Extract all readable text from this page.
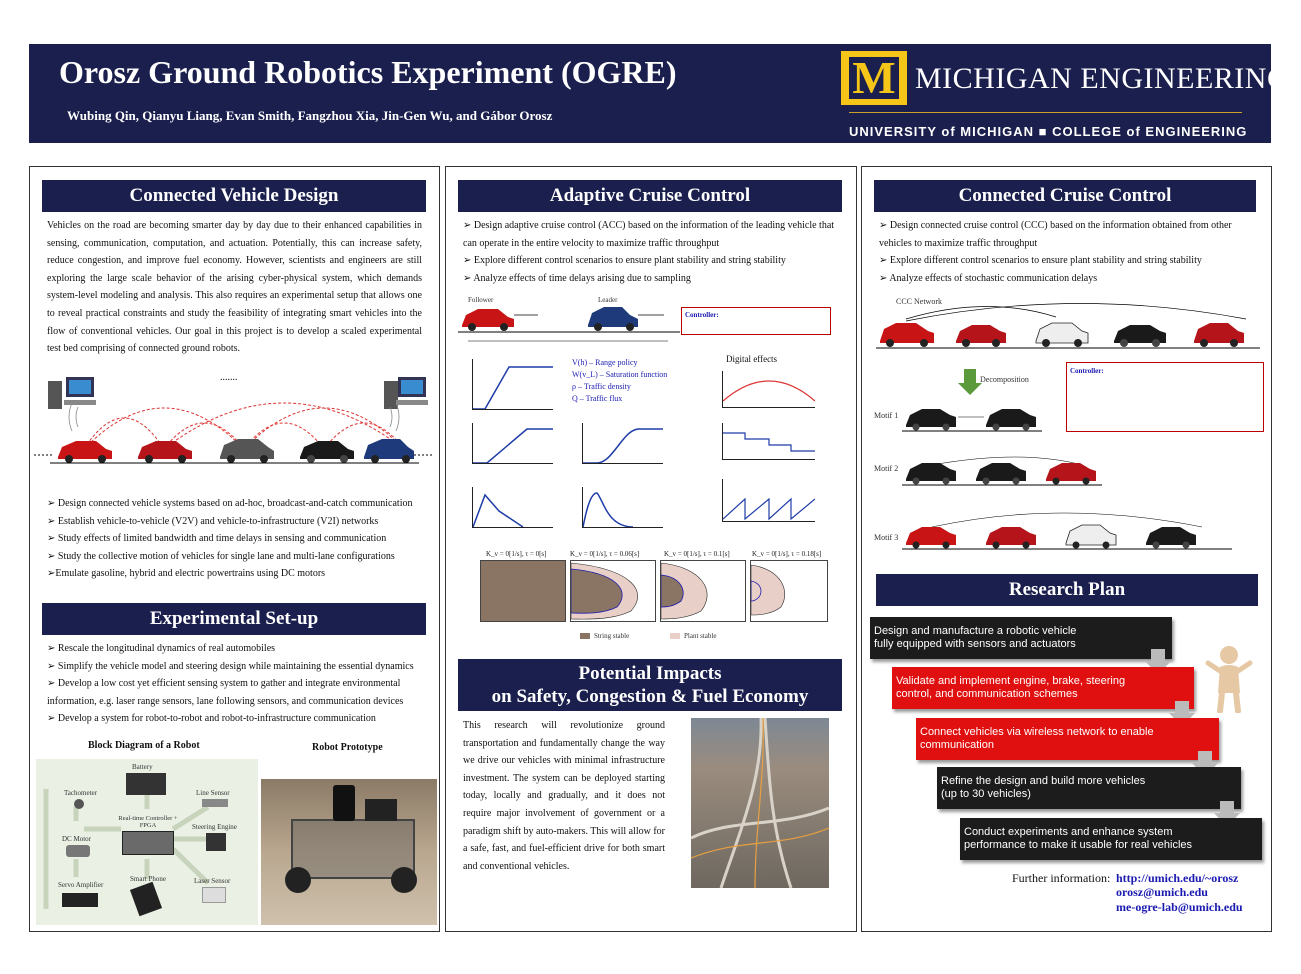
Orosz Ground Robotics Experiment (OGRE)
Wubing Qin, Qianyu Liang, Evan Smith, Fangzhou Xia, Jin-Gen Wu, and Gábor Orosz
M MICHIGAN ENGINEERING
UNIVERSITY of MICHIGAN ■ COLLEGE of ENGINEERING
Connected Vehicle Design
Vehicles on the road are becoming smarter day by day due to their enhanced capabilities in sensing, communication, computation, and actuation. Potentially, this can increase safety, reduce congestion, and improve fuel economy. However, scientists and engineers are still exploring the large scale behavior of the arising cyber-physical system, which demands system-level modeling and analysis. This also requires an experimental setup that allows one to reveal practical constraints and study the feasibility of integrating smart vehicles into the flow of conventional vehicles. Our goal in this project is to develop a scaled experimental test bed comprising of connected ground robots.
.......
➢ Design connected vehicle systems based on ad-hoc, broadcast-and-catch communication
➢ Establish vehicle-to-vehicle (V2V) and vehicle-to-infrastructure (V2I) networks
➢ Study effects of limited bandwidth and time delays in sensing and communication
➢ Study the collective motion of vehicles for single lane and multi-lane configurations
➢Emulate gasoline, hybrid and electric powertrains using DC motors
Experimental Set-up
➢ Rescale the longitudinal dynamics of real automobiles
➢ Simplify the vehicle model and steering design while maintaining the essential dynamics
➢ Develop a low cost yet efficient sensing system to gather and integrate environmental
information, e.g. laser range sensors, lane following sensors, and communication devices
➢ Develop a system for robot-to-robot and robot-to-infrastructure communication
Block Diagram of a Robot	Robot Prototype
Battery
Tachometer
Real-time Controller + FPGA
DC Motor
Servo Amplifier
Smart Phone
Line Sensor
Steering Engine
Laser Sensor
Adaptive Cruise Control
➢ Design adaptive cruise control (ACC) based on the information of the leading vehicle that
can operate in the entire velocity to maximize traffic throughput
➢ Explore different control scenarios to ensure plant stability and string stability
➢ Analyze effects of time delays arising due to sampling
Follower	Leader
Controller:
V(h) – Range policy
W(v_L) – Saturation function
ρ – Traffic density
Q – Traffic flux
Digital effects
K_v = 0[1/s], τ = 0[s]	K_v = 0[1/s], τ = 0.06[s]	K_v = 0[1/s], τ = 0.1[s]	K_v = 0[1/s], τ = 0.18[s]
String stable	Plant stable
Potential Impacts
on Safety, Congestion & Fuel Economy
This research will revolutionize ground transportation and fundamentally change the way we drive our vehicles with minimal infrastructure investment. The system can be deployed starting today, locally and gradually, and it does not require major involvement of government or a paradigm shift by auto-makers. This will allow for a safe, fast, and fuel-efficient drive for both smart and conventional vehicles.
Connected Cruise Control
➢ Design connected cruise control (CCC) based on the information obtained from other
vehicles to maximize traffic throughput
➢ Explore different control scenarios to ensure plant stability and string stability
➢ Analyze effects of stochastic communication delays
CCC Network
Decomposition
Controller:
Motif 1
Motif 2
Motif 3
Research Plan
Design and manufacture a robotic vehicle
fully equipped with sensors and actuators
Validate and implement engine, brake, steering
control, and communication schemes
Connect vehicles via wireless network to enable
communication
Refine the design and build more vehicles
(up to 30 vehicles)
Conduct experiments and enhance system
performance to make it usable for real vehicles
Further information: http://umich.edu/~orosz
orosz@umich.edu
me-ogre-lab@umich.edu
